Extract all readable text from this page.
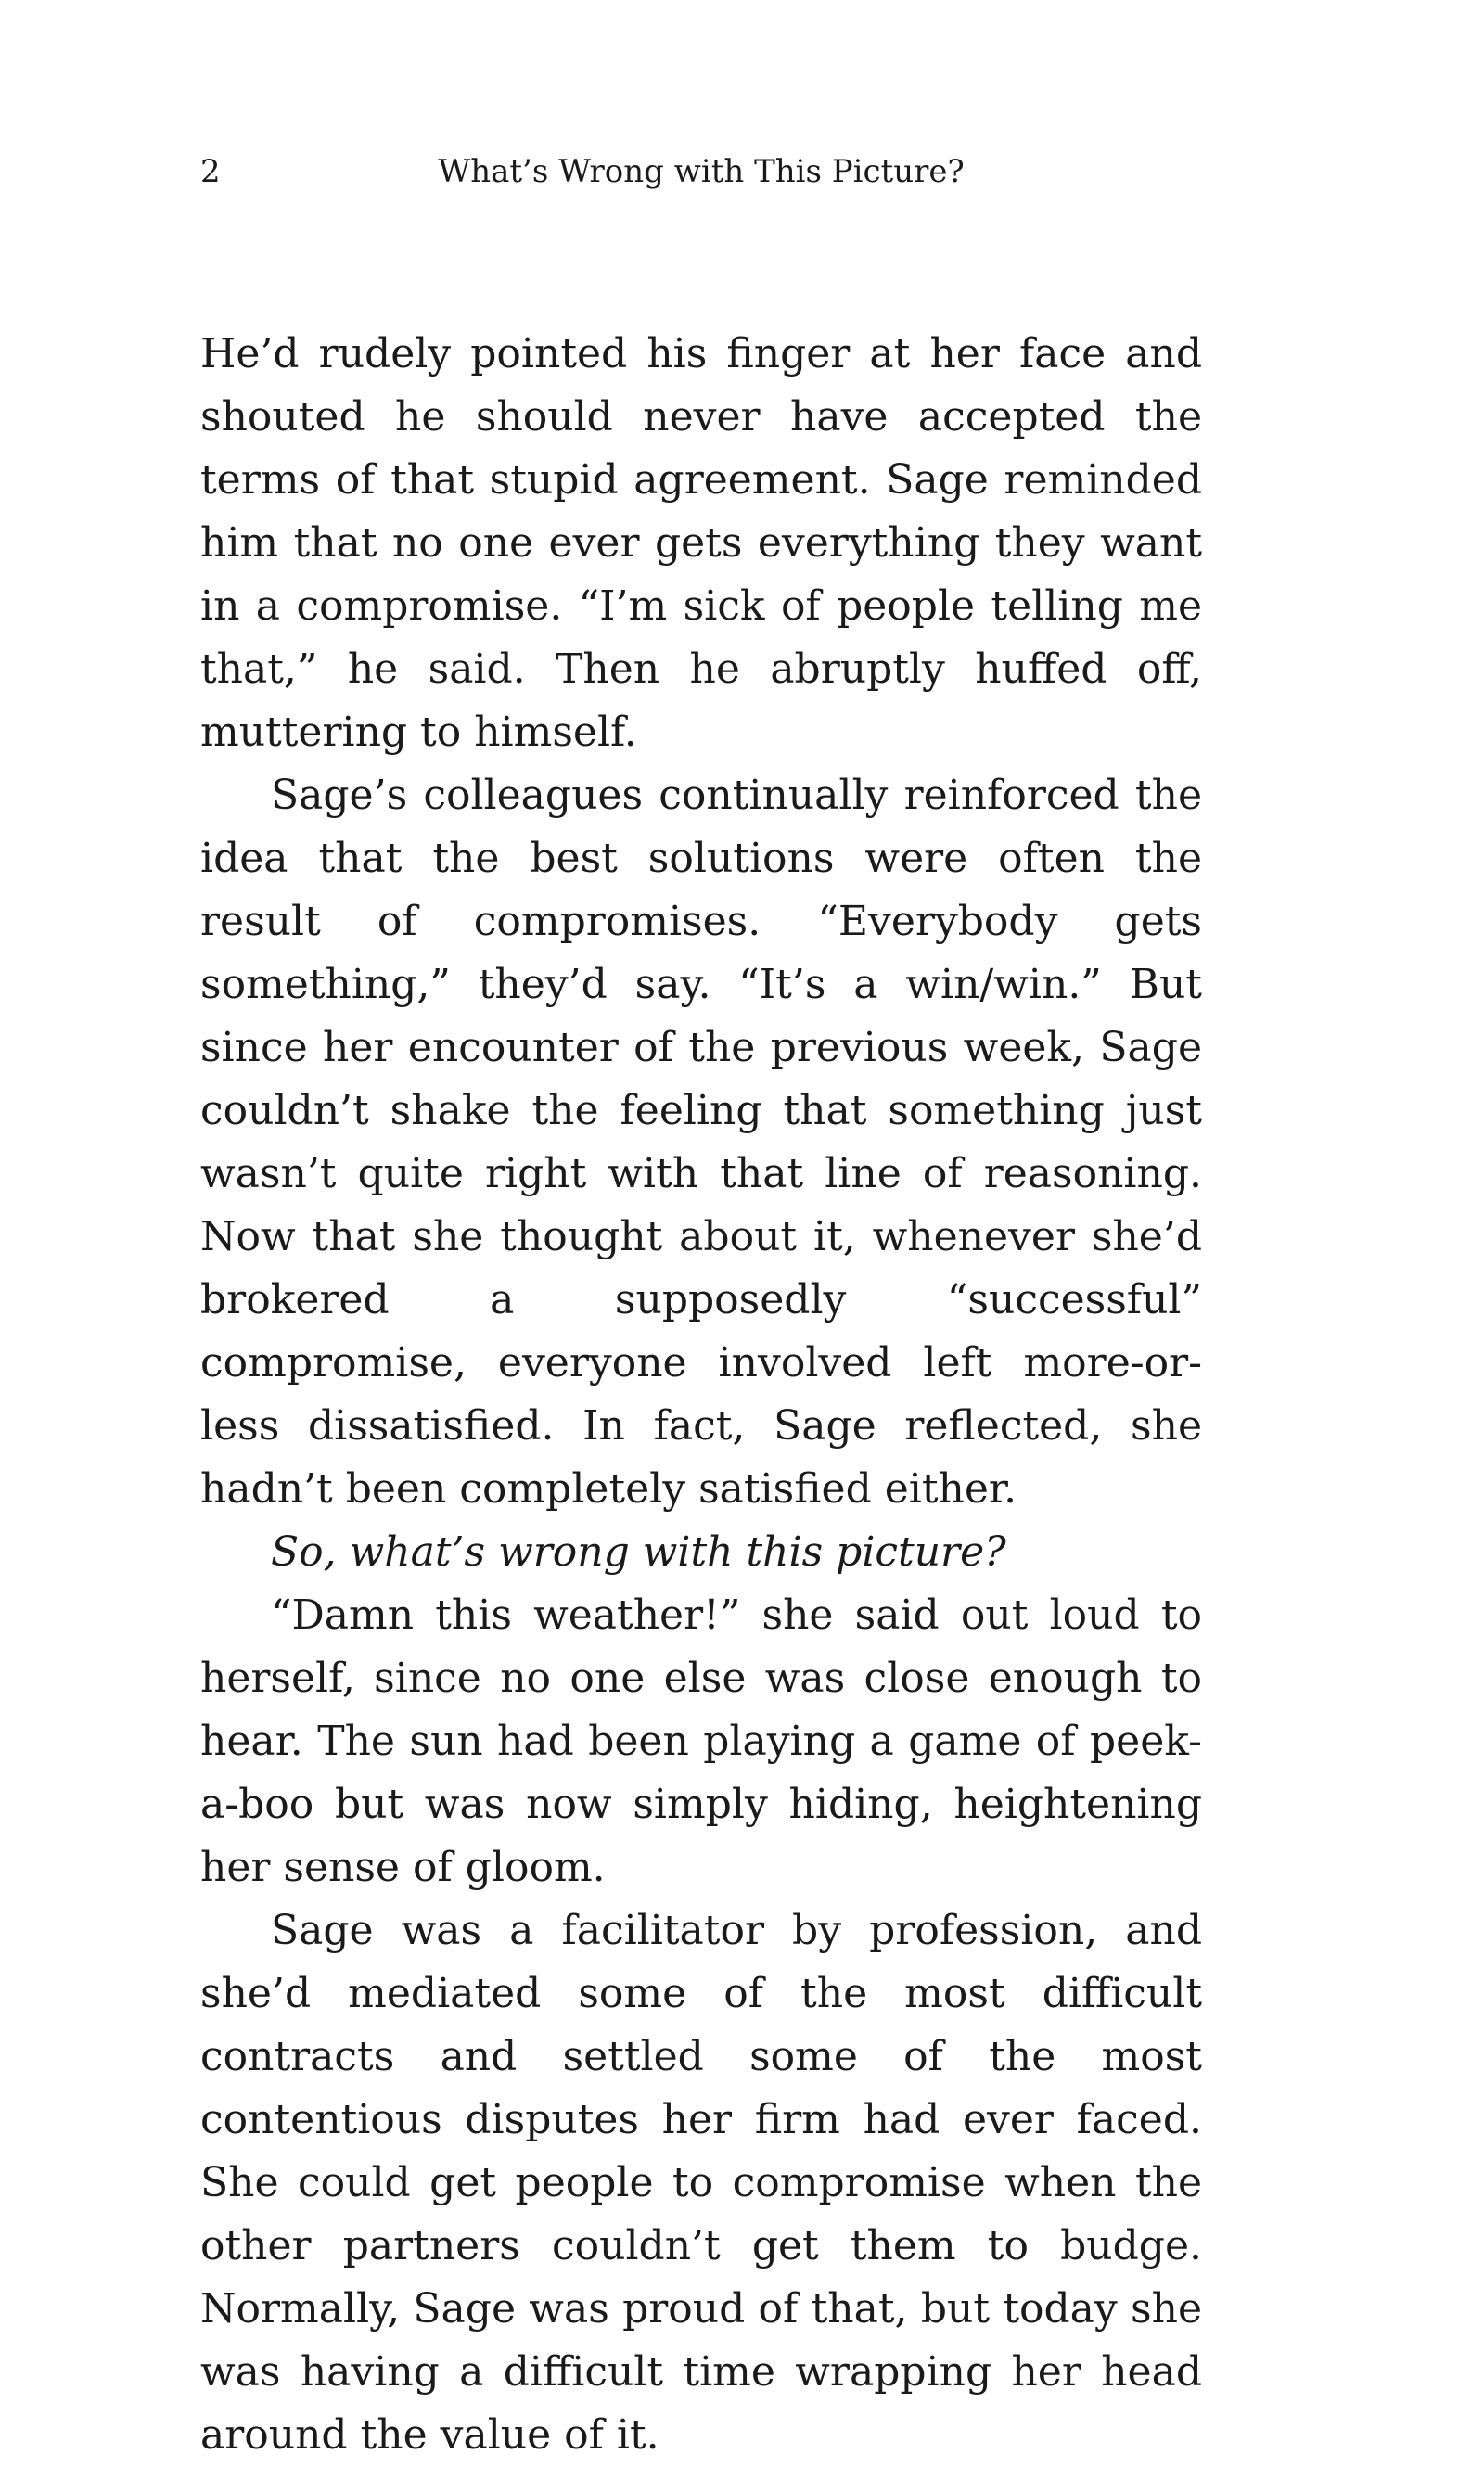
2	What’s Wrong with This Picture?

He’d rudely pointed his finger at her face and shouted he should never have accepted the terms of that stupid agreement. Sage reminded him that no one ever gets everything they want in a compromise. “I’m sick of people telling me that,” he said. Then he abruptly huffed off, muttering to himself.

Sage’s colleagues continually reinforced the idea that the best solutions were often the result of compromises. “Everybody gets something,” they’d say. “It’s a win/win.” But since her encounter of the previous week, Sage couldn’t shake the feeling that something just wasn’t quite right with that line of reasoning. Now that she thought about it, whenever she’d brokered a supposedly “successful” compromise, everyone involved left more-or-less dissatisfied. In fact, Sage reflected, she hadn’t been completely satisfied either.

So, what’s wrong with this picture?

“Damn this weather!” she said out loud to herself, since no one else was close enough to hear. The sun had been playing a game of peek-a-boo but was now simply hiding, heightening her sense of gloom.

Sage was a facilitator by profession, and she’d mediated some of the most difficult contracts and settled some of the most contentious disputes her firm had ever faced. She could get people to compromise when the other partners couldn’t get them to budge. Normally, Sage was proud of that, but today she was having a difficult time wrapping her head around the value of it.
